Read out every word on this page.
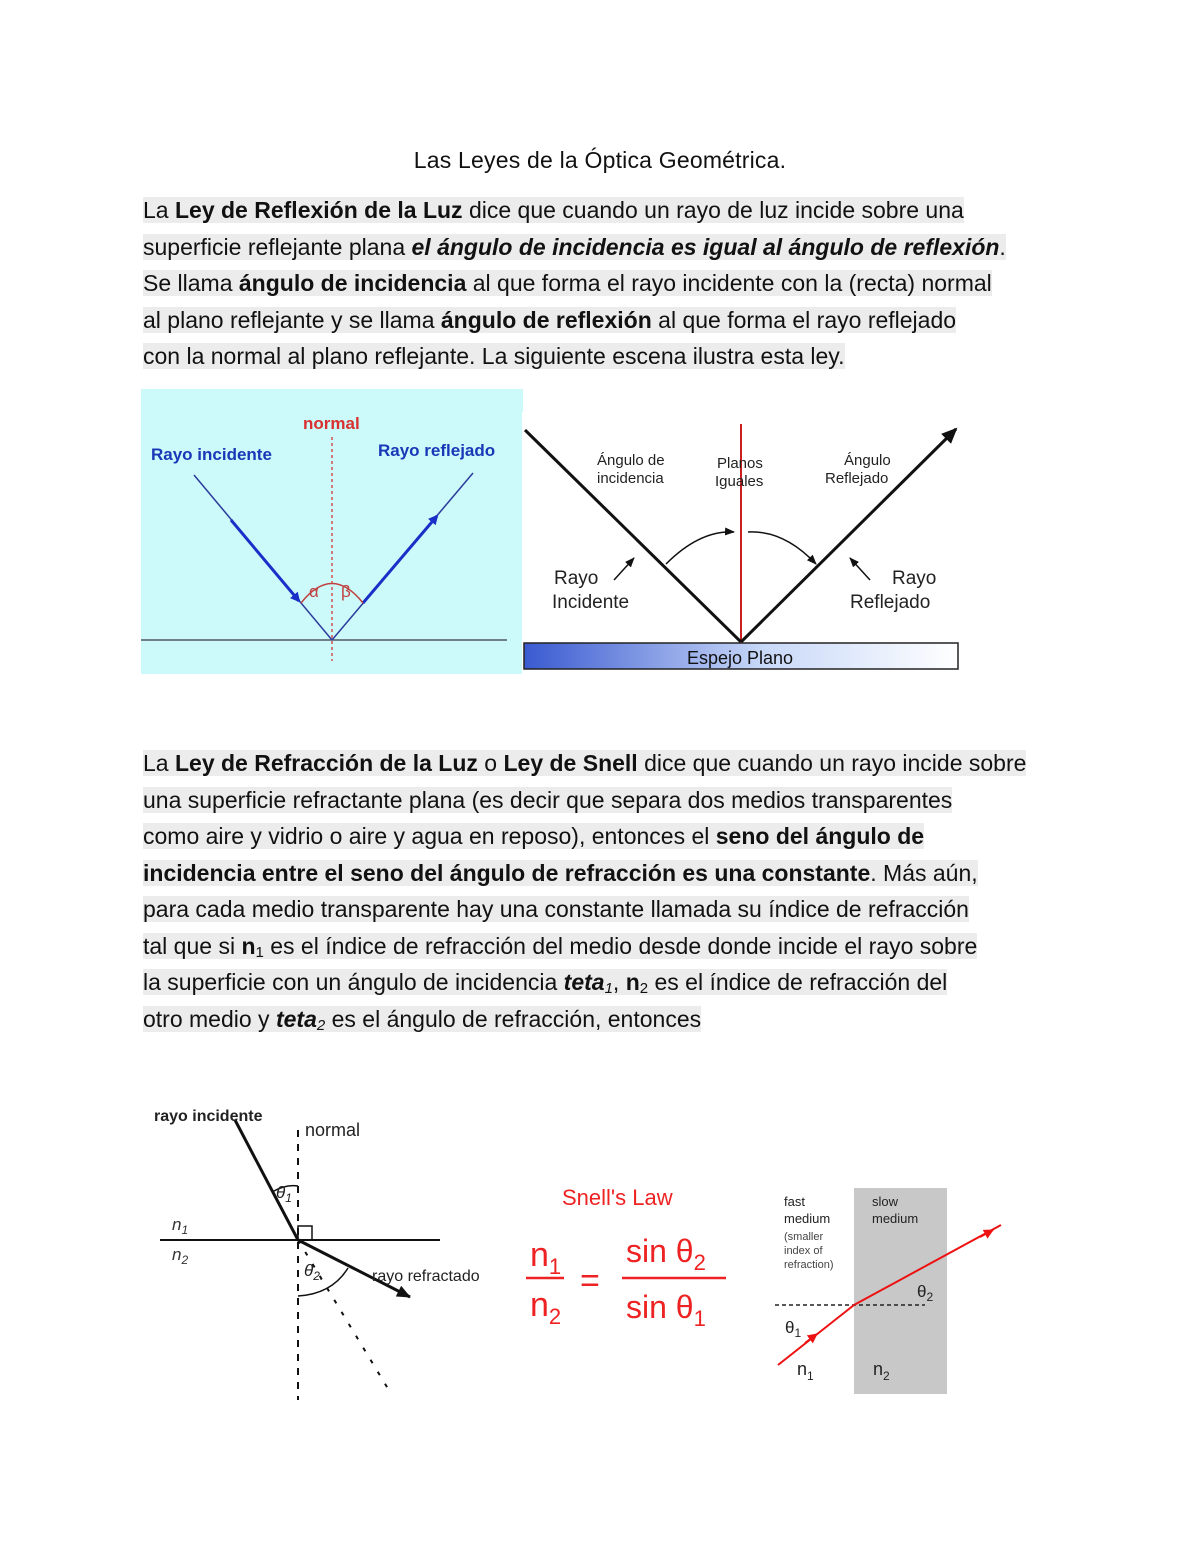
Las Leyes de la Óptica Geométrica.
La Ley de Reflexión de la Luz dice que cuando un rayo de luz incide sobre una
superficie reflejante plana el ángulo de incidencia es igual al ángulo de reflexión.
Se llama ángulo de incidencia al que forma el rayo incidente con la (recta) normal
al plano reflejante y se llama ángulo de reflexión al que forma el rayo reflejado
con la normal al plano reflejante. La siguiente escena ilustra esta ley.
normal
Rayo incidente	Rayo reflejado
α β
Ángulo de
incidencia
Planos
Iguales
Ángulo
Reflejado
Rayo
Incidente
Rayo
Reflejado
Espejo Plano
La Ley de Refracción de la Luz o Ley de Snell dice que cuando un rayo incide sobre
una superficie refractante plana (es decir que separa dos medios transparentes
como aire y vidrio o aire y agua en reposo), entonces el seno del ángulo de
incidencia entre el seno del ángulo de refracción es una constante. Más aún,
para cada medio transparente hay una constante llamada su índice de refracción
tal que si $n_1$ es el índice de refracción del medio desde donde incide el rayo sobre
la superficie con un ángulo de incidencia teta$_1$, $n_2$ es el índice de refracción del
otro medio y teta$_2$ es el ángulo de refracción, entonces
rayo incidente
normal
$\theta_1$
$n_1$
$n_2$
$\theta_{2.}$	rayo refractado
Snell's Law
$n_1$
$n_2$
=
$\sin \theta_2$
$\sin \theta_1$
fast
medium
(smaller
index of
refraction)
slow
medium
$\theta_1$
$\theta_2$
$n_1$	$n_2$
